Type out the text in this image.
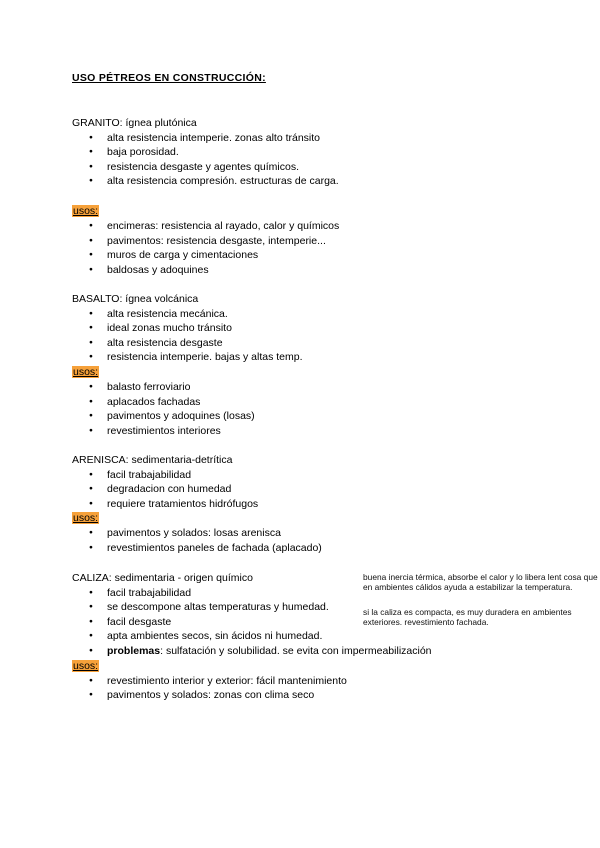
USO PÉTREOS EN CONSTRUCCIÓN:
GRANITO: ígnea plutónica
● alta resistencia intemperie. zonas alto tránsito
● baja porosidad.
● resistencia desgaste y agentes químicos.
● alta resistencia compresión. estructuras de carga.
usos:
● encimeras: resistencia al rayado, calor y químicos
● pavimentos: resistencia desgaste, intemperie...
● muros de carga y cimentaciones
● baldosas y adoquines
BASALTO: ígnea volcánica
● alta resistencia mecánica.
● ideal zonas mucho tránsito
● alta resistencia desgaste
● resistencia intemperie. bajas y altas temp.
usos:
● balasto ferroviario
● aplacados fachadas
● pavimentos y adoquines (losas)
● revestimientos interiores
ARENISCA: sedimentaria-detrítica
● facil trabajabilidad
● degradacion con humedad
● requiere tratamientos hidrófugos
usos:
● pavimentos y solados: losas arenisca
● revestimientos paneles de fachada (aplacado)
CALIZA: sedimentaria - origen químico
● facil trabajabilidad
● se descompone altas temperaturas y humedad.
● facil desgaste
● apta ambientes secos, sin ácidos ni humedad.
● problemas: sulfatación y solubilidad. se evita con impermeabilización
usos:
● revestimiento interior y exterior: fácil mantenimiento
● pavimentos y solados: zonas con clima seco
buena inercia térmica, absorbe el calor y lo libera lent cosa que en ambientes cálidos ayuda a estabilizar la temperatura.
si la caliza es compacta, es muy duradera en ambientes exteriores. revestimiento fachada.
